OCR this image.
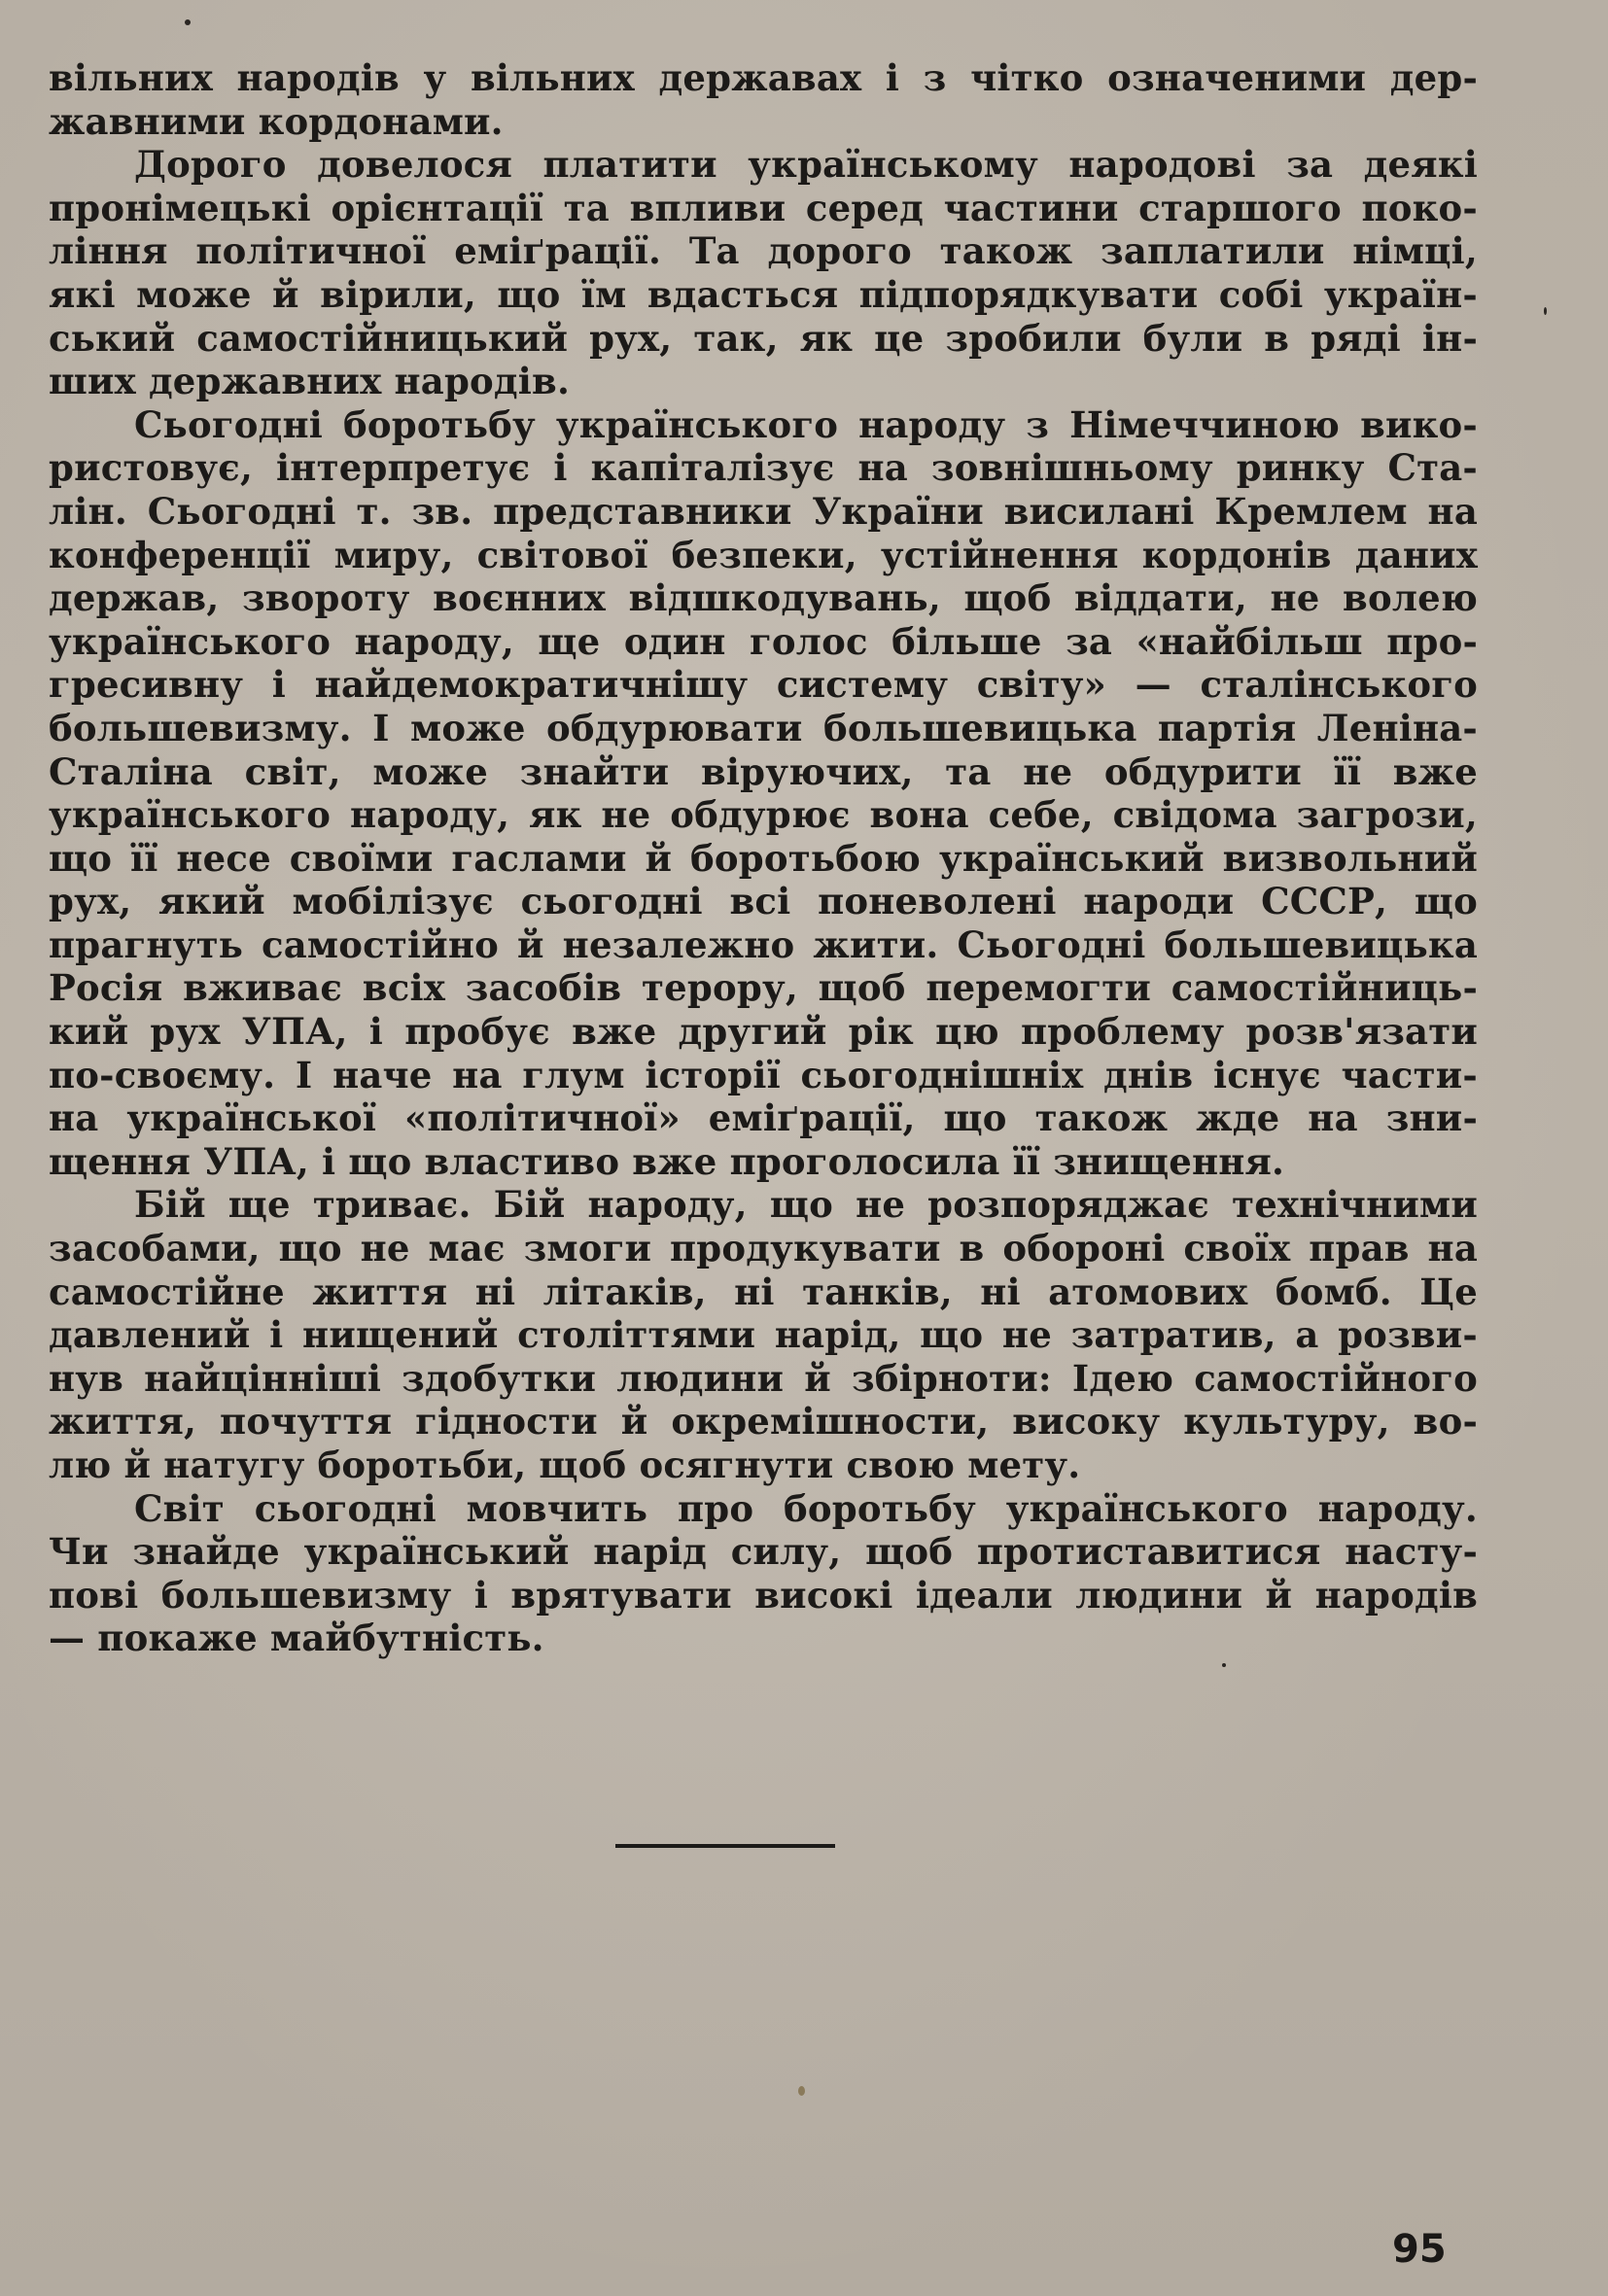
вільних народів у вільних державах і з чітко означеними дер-
жавними кордонами.
Дорого довелося платити українському народові за деякі
пронімецькі орієнтації та впливи серед частини старшого поко-
ління політичної еміґрації. Та дорого також заплатили німці,
які може й вірили, що їм вдасться підпорядкувати собі україн-
ський самостійницький рух, так, як це зробили були в ряді ін-
ших державних народів.
Сьогодні боротьбу українського народу з Німеччиною вико-
ристовує, інтерпретує і капіталізує на зовнішньому ринку Ста-
лін. Сьогодні т. зв. представники України висилані Кремлем на
конференції миру, світової безпеки, устійнення кордонів даних
держав, звороту воєнних відшкодувань, щоб віддати, не волею
українського народу, ще один голос більше за «найбільш про-
гресивну і найдемократичнішу систему світу» — сталінського
большевизму. І може обдурювати большевицька партія Леніна-
Сталіна світ, може знайти віруючих, та не обдурити її вже
українського народу, як не обдурює вона себе, свідома загрози,
що її несе своїми гаслами й боротьбою український визвольний
рух, який мобілізує сьогодні всі поневолені народи СССР, що
прагнуть самостійно й незалежно жити. Сьогодні большевицька
Росія вживає всіх засобів терору, щоб перемогти самостійниць-
кий рух УПА, і пробує вже другий рік цю проблему розв'язати
по-своєму. І наче на глум історії сьогоднішніх днів існує части-
на української «політичної» еміґрації, що також жде на зни-
щення УПА, і що властиво вже проголосила її знищення.
Бій ще триває. Бій народу, що не розпоряджає технічними
засобами, що не має змоги продукувати в обороні своїх прав на
самостійне життя ні літаків, ні танків, ні атомових бомб. Це
давлений і нищений століттями нарід, що не затратив, а розви-
нув найцінніші здобутки людини й збірноти: Ідею самостійного
життя, почуття гідности й окремішности, високу культуру, во-
лю й натугу боротьби, щоб осягнути свою мету.
Світ сьогодні мовчить про боротьбу українського народу.
Чи знайде український нарід силу, щоб протиставитися насту-
пові большевизму і врятувати високі ідеали людини й народів
— покаже майбутність.
95
